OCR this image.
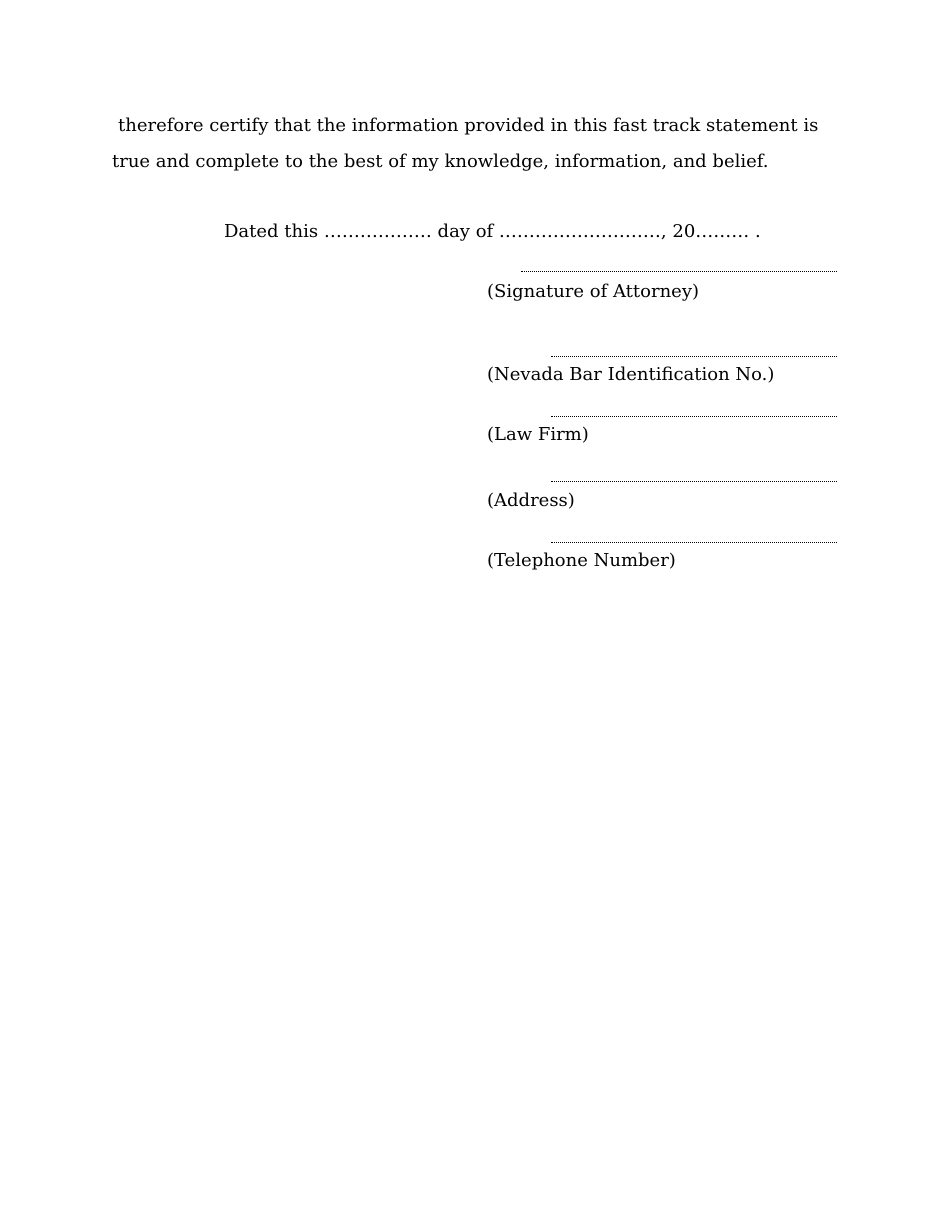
therefore certify that the information provided in this fast track statement is
true and complete to the best of my knowledge, information, and belief.

Dated this ……………… day of ………………………, 20……… .
(Signature of Attorney)
(Nevada Bar Identification No.)
(Law Firm)
(Address)
(Telephone Number)
